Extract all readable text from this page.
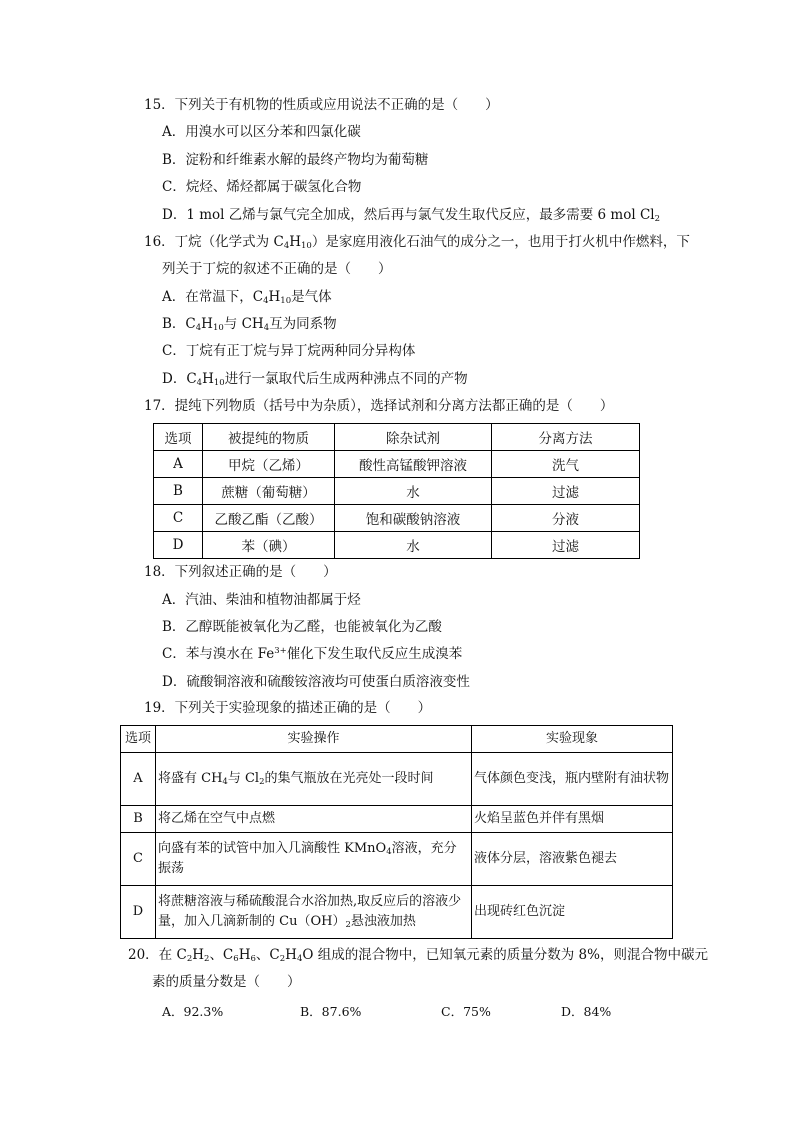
15．下列关于有机物的性质或应用说法不正确的是（　　）
A．用溴水可以区分苯和四氯化碳
B．淀粉和纤维素水解的最终产物均为葡萄糖
C．烷烃、烯烃都属于碳氢化合物
D．1 mol 乙烯与氯气完全加成，然后再与氯气发生取代反应，最多需要 6 mol $Cl_2$
16．丁烷（化学式为 $C_4H_{10}$）是家庭用液化石油气的成分之一，也用于打火机中作燃料，下
列关于丁烷的叙述不正确的是（　　）
A．在常温下，$C_4H_{10}$是气体
B．$C_4H_{10}$与 $CH_4$互为同系物
C．丁烷有正丁烷与异丁烷两种同分异构体
D．$C_4H_{10}$进行一氯取代后生成两种沸点不同的产物
17．提纯下列物质（括号中为杂质），选择试剂和分离方法都正确的是（　　）
选项	被提纯的物质	除杂试剂	分离方法
A	甲烷（乙烯）	酸性高锰酸钾溶液	洗气
B	蔗糖（葡萄糖）	水	过滤
C	乙酸乙酯（乙酸）	饱和碳酸钠溶液	分液
D	苯（碘）	水	过滤
18．下列叙述正确的是（　　）
A．汽油、柴油和植物油都属于烃
B．乙醇既能被氧化为乙醛，也能被氧化为乙酸
C．苯与溴水在 $Fe^{3+}$催化下发生取代反应生成溴苯
D．硫酸铜溶液和硫酸铵溶液均可使蛋白质溶液变性
19．下列关于实验现象的描述正确的是（　　）
选项	实验操作	实验现象
A	将盛有 $CH_4$与 $Cl_2$的集气瓶放在光亮处一段时间	气体颜色变浅，瓶内壁附有油状物
B	将乙烯在空气中点燃	火焰呈蓝色并伴有黑烟
C	向盛有苯的试管中加入几滴酸性 KMnO$_4$溶液，充分振荡	液体分层，溶液紫色褪去
D	将蔗糖溶液与稀硫酸混合水浴加热,取反应后的溶液少量，加入几滴新制的 $Cu(OH)_2$悬浊液加热	出现砖红色沉淀
20．在 $C_2H_2$、$C_6H_6$、$C_2H_4O$ 组成的混合物中，已知氧元素的质量分数为 8%，则混合物中碳元
素的质量分数是（　　）
A．92.3%	B．87.6%	C．75%	D．84%
